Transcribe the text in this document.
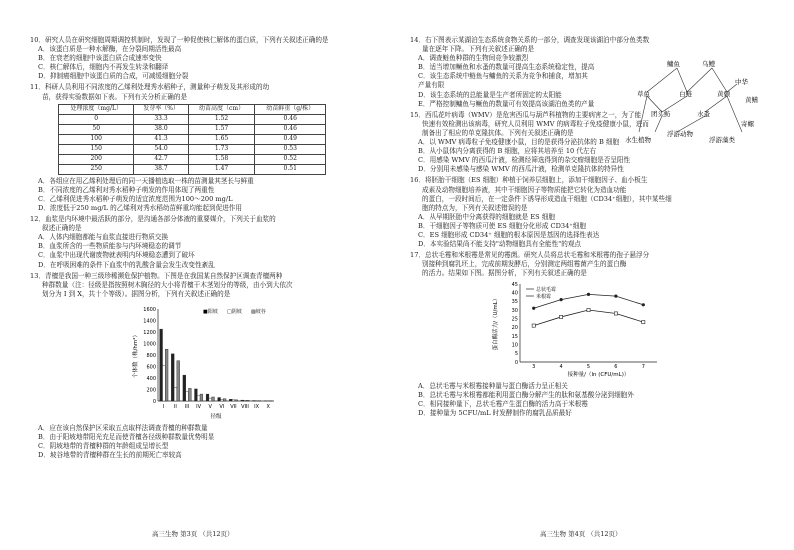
10．研究人员在研究细胞周期调控机制时，发现了一种促使核仁解体的蛋白质，下列有关叙述正确的是

A．该蛋白质是一种水解酶，在分裂间期活性最高

B．在衰老的细胞中该蛋白质合成速率变快

C．核仁解体后，细胞内不再发生转录和翻译

D．抑制癌细胞中该蛋白质的合成，可减缓细胞分裂

11．科研人员利用不同浓度的乙烯利处理秀水稻种子，测量种子萌发及其形成的幼

苗，获得实验数据如下表。下列有关分析正确的是

处理浓度（mg/L）	发芽率（%）	幼苗高度（cm）	幼苗鲜重（g/株）
0	33.3	1.52	0.46
50	38.0	1.57	0.46
100	41.3	1.65	0.49
150	54.0	1.73	0.53
200	42.7	1.58	0.52
250	38.7	1.47	0.51

A．各组应在用乙烯利处理后的同一天播植选取一株的苗测量其茎长与鲜重

B．不同浓度的乙烯利对秀水稻种子萌发的作用体现了两重性

C．乙烯利促进秀水稻种子萌发的适宜浓度范围为100～200 mg/L

D．浓度低于250 mg/L 的乙烯利对秀水稻幼苗鲜重均能起到促进作用

12．血浆是内环境中最活跃的部分，是沟通各部分体液的重要媒介，下列关于血浆的

叙述正确的是

A．人体内细胞都能与血浆直接进行物质交换

B．血浆所含的一些物质能参与内环境稳态的调节

C．血浆中出现代谢废物就表明内环境稳态遭到了破坏

D．在呼吸困难的条件下血浆中的乳酸含量会发生改变性紊乱

13．青檀是我国一种三级珍稀濒危保护植物。下图是在我国某自然保护区调查青檀两种

种群数量（注：径级是指按照树木胸径的大小将青檀干木茎划分的等级，由小到大依次

划分为 I 到 X，共十个等级）。据图分析，下列有关叙述正确的是

0
200
400
600
800
1000
1200
1400
1600
个体数（株/hm²）
I II III IV V VI VII VIII IX X
径级
■阳坡 □阴坡 ▨坡谷

A．应在该自然保护区采取五点取样法调查青檀的种群数量

B．由于阳坡地带阳光充足而使青檀各径级种群数量优势明显

C．阴坡地带的青檀种群的年龄组成呈增长型

D．坡谷地带的青檀种群在生长的前期死亡率较高

高三生物 第3页 （共12页）

14．右下图表示某湖泊生态系统食物关系的一部分，调查发现该湖泊中部分鱼类数

量在逐年下降。下列有关叙述正确的是

A．调查鲢鱼种群的生物间竞争较激烈

B．适当增加鳜鱼和水蚤的数量可提高生态系统稳定性，提高

C．该生态系统中鲢鱼与鳙鱼的关系为竞争和捕食，增加其

产量有限

D．该生态系统的总能量是生产者所固定的太阳能

E．严格控制鳙鱼与鳜鱼的数量可有效提高该湖泊鱼类的产量

鳙鱼	乌鳢
中华
草鱼	白鲢	黄颡
团头鲂	水蚤
浮游动物
水生植物	浮游藻类
寄螺
黄鳝

15．西瓜花叶病毒（WMV）是危害西瓜与葫芦科植物的主要病害之一，为了能

快速有效检测出该病毒，研究人员利用 WMV 的病毒粒子免疫健康小鼠，进而

制备出了相应的单克隆抗体。下列有关叙述正确的是

A．以 WMV 病毒粒子免疫健康小鼠，目的是获得分泌抗体的 B 细胞

B．从小鼠体内分离获得的 B 细胞，应将其培养至 10 代左右

C．用感染 WMV 的西瓜汁液，检测经筛选得到的杂交瘤细胞是否呈阳性

D．分别用未感染与感染 WMV 的西瓜汁液，检测单克隆抗体的特异性

16．将胚胎干细胞（ES 细胞）种植于饲养层细胞上，添加干细胞因子、血小板生

成素及动物细胞培养液，其中干细胞因子等物质能把它转化为造血功能

的蛋白，一段时间后，在一定条件下诱导形成造血干细胞（CD34⁺细胞），其中某些细

胞的特点为，下列有关叙述错误的是

A．从早期胚胎中分离获得的细胞就是 ES 细胞

B．干细胞因子等物质可使 ES 细胞分化形成 CD34⁺细胞

C．ES 细胞形成 CD34⁺ 细胞的根本原因是基因的选择性表达

D．本实验结果尚不能支持"动物细胞具有全能性"的观点

17．总状毛霉和米根霉是常见的霉菌。研究人员将总状毛霉和米根霉的孢子悬浮分

别接种到腐乳坯上，完成前期发酵后，分别测定两组霉菌产生的蛋白酶

的活力。结果如下图。据图分析，下列有关叙述正确的是

0
5
10
15
20
25
30
35
40
45
3	4	5	6	7
接种量/（ln (CFU/mL)）
蛋白酶活力/（U/mL）
总状毛霉
米根霉

A．总状毛霉与米根霉接种量与蛋白酶活力呈正相关

B．总状毛霉与米根霉都能利用蛋白酶分解产生的肽和氨基酸分泌到细胞外

C．相同接种量下，总状毛霉产生蛋白酶的活力高于米根霉

D．接种量为 5CFU/mL 时发酵制作的腐乳品质最好

高三生物 第4页 （共12页）
